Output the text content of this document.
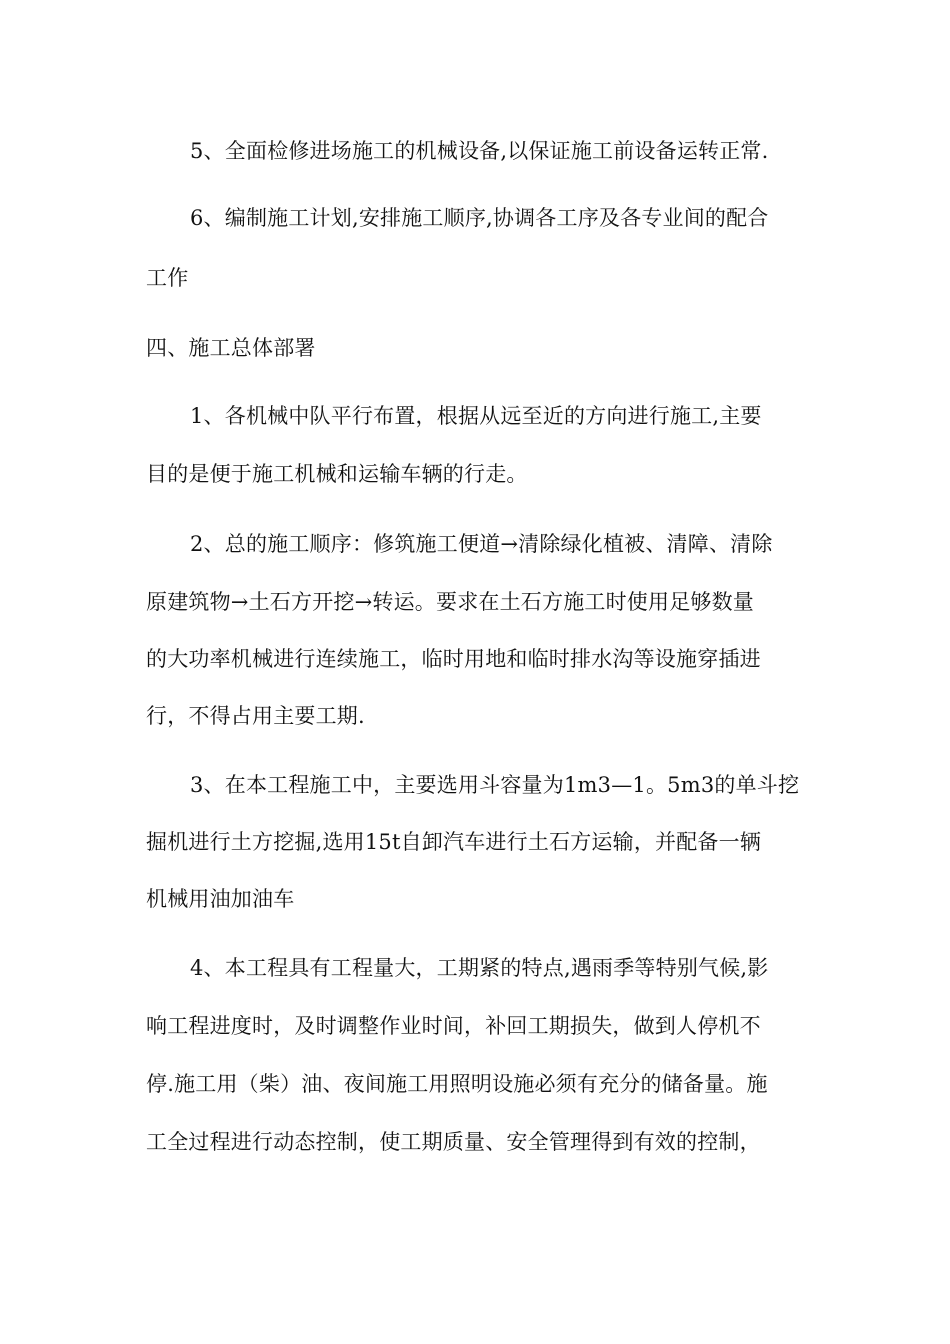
5、全面检修进场施工的机械设备,以保证施工前设备运转正常.
6、编制施工计划,安排施工顺序,协调各工序及各专业间的配合
工作
四、施工总体部署
1、各机械中队平行布置，根据从远至近的方向进行施工,主要
目的是便于施工机械和运输车辆的行走。
2、总的施工顺序：修筑施工便道→清除绿化植被、清障、清除
原建筑物→土石方开挖→转运。要求在土石方施工时使用足够数量
的大功率机械进行连续施工，临时用地和临时排水沟等设施穿插进
行，不得占用主要工期.
3、在本工程施工中，主要选用斗容量为1m3—1。5m3的单斗挖
掘机进行土方挖掘,选用15t自卸汽车进行土石方运输，并配备一辆
机械用油加油车
4、本工程具有工程量大，工期紧的特点,遇雨季等特别气候,影
响工程进度时，及时调整作业时间，补回工期损失，做到人停机不
停.施工用（柴）油、夜间施工用照明设施必须有充分的储备量。施
工全过程进行动态控制，使工期质量、安全管理得到有效的控制，
